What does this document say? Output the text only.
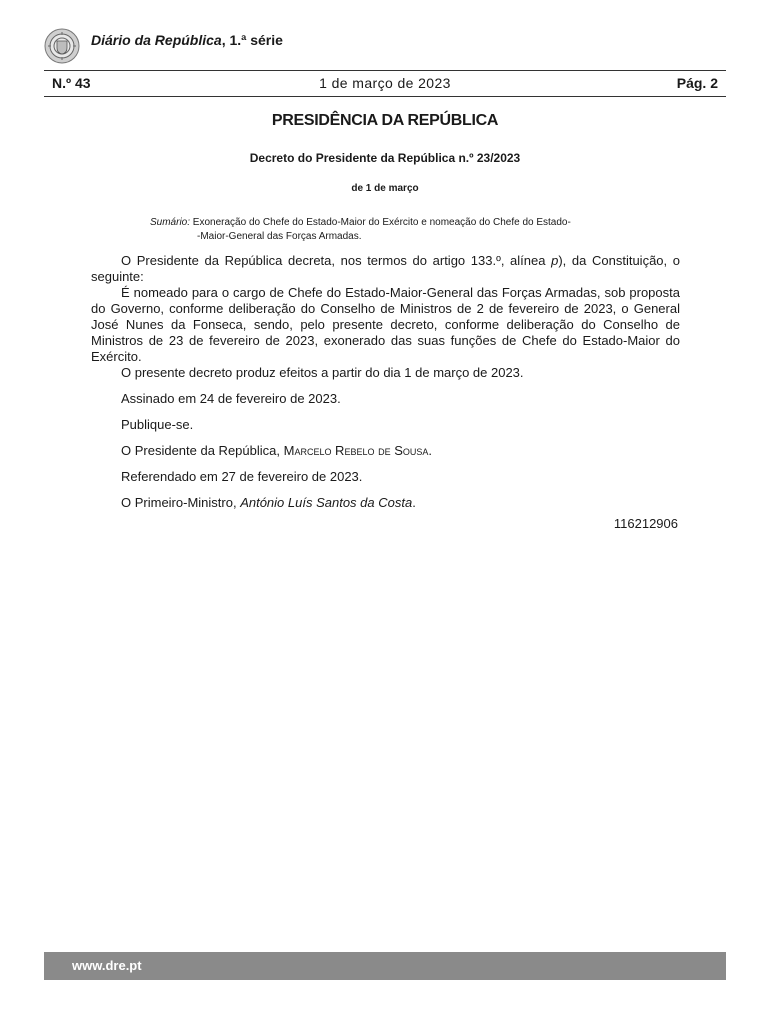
Diário da República, 1.ª série
N.º 43	1 de março de 2023	Pág. 2
PRESIDÊNCIA DA REPÚBLICA
Decreto do Presidente da República n.º 23/2023
de 1 de março
Sumário: Exoneração do Chefe do Estado-Maior do Exército e nomeação do Chefe do Estado-
-Maior-General das Forças Armadas.

O Presidente da República decreta, nos termos do artigo 133.º, alínea p), da Constituição, o seguinte:

É nomeado para o cargo de Chefe do Estado-Maior-General das Forças Armadas, sob proposta do Governo, conforme deliberação do Conselho de Ministros de 2 de fevereiro de 2023, o General José Nunes da Fonseca, sendo, pelo presente decreto, conforme deliberação do Conselho de Ministros de 23 de fevereiro de 2023, exonerado das suas funções de Chefe do Estado-Maior do Exército.

O presente decreto produz efeitos a partir do dia 1 de março de 2023.

Assinado em 24 de fevereiro de 2023.
Publique-se.
O Presidente da República, Marcelo Rebelo de Sousa.
Referendado em 27 de fevereiro de 2023.
O Primeiro-Ministro, António Luís Santos da Costa.
116212906
www.dre.pt
